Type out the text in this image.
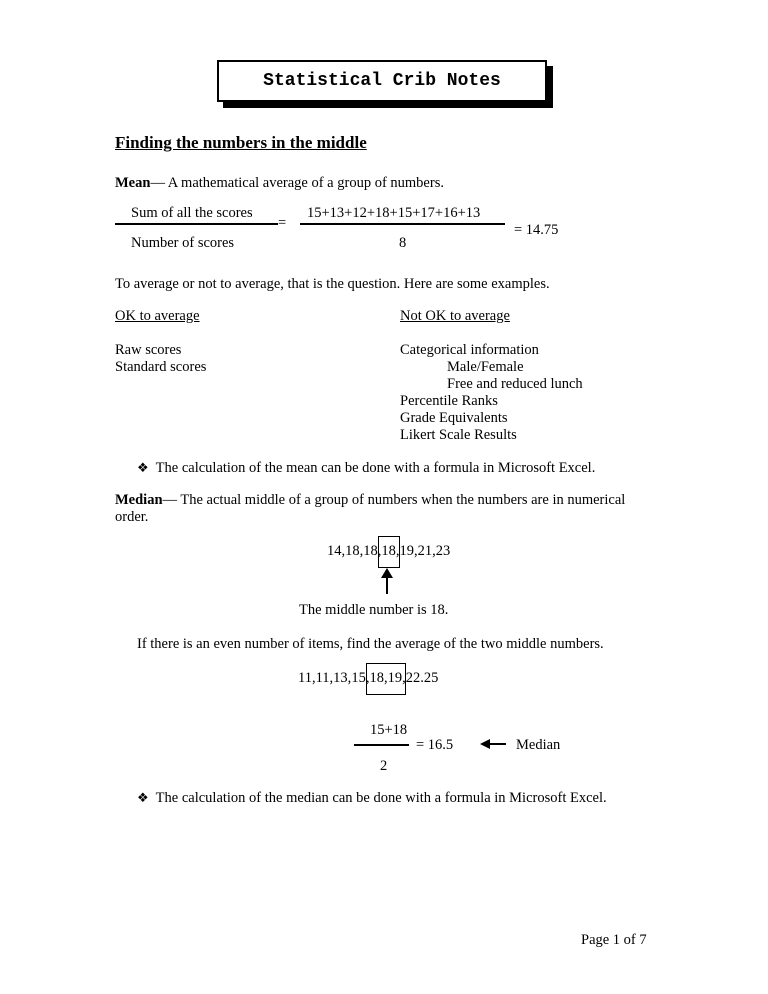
Statistical Crib Notes
Finding the numbers in the middle
Mean— A mathematical average of a group of numbers.
Sum of all the scores
=
Number of scores
15+13+12+18+15+17+16+13
8
= 14.75
To average or not to average, that is the question. Here are some examples.
OK to average
Raw scores
Standard scores
Not OK to average
Categorical information
Male/Female
Free and reduced lunch
Percentile Ranks
Grade Equivalents
Likert Scale Results
❖ The calculation of the mean can be done with a formula in Microsoft Excel.
Median— The actual middle of a group of numbers when the numbers are in numerical
order.
14,18,18,18,19,21,23
The middle number is 18.
If there is an even number of items, find the average of the two middle numbers.
11,11,13,15,18,19,22.25
15+18
= 16.5
2
Median
❖ The calculation of the median can be done with a formula in Microsoft Excel.
Page 1 of 7
